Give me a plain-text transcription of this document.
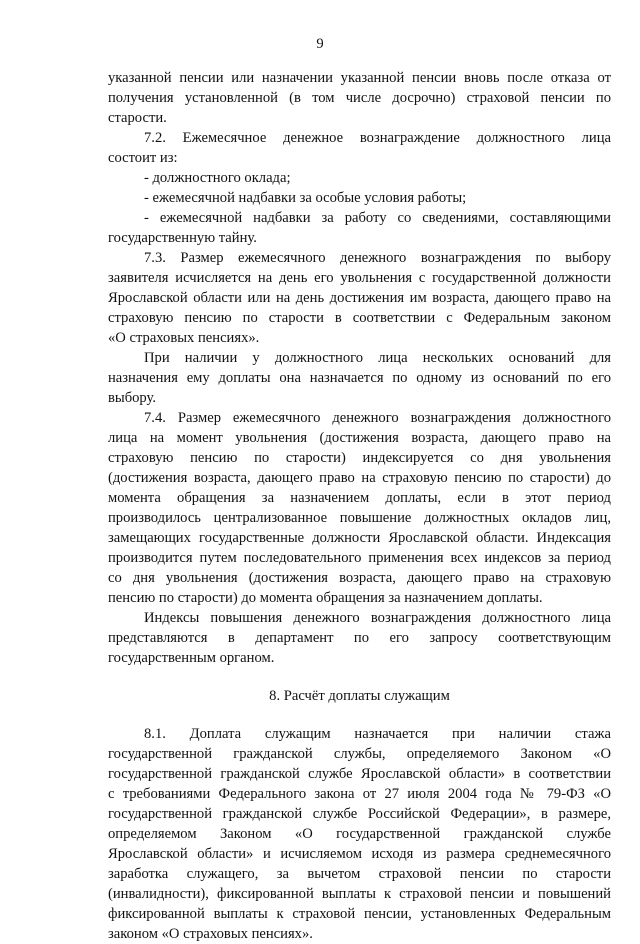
9
указанной пенсии или назначении указанной пенсии вновь после отказа от
получения установленной (в том числе досрочно) страховой пенсии по
старости.
7.2. Ежемесячное денежное вознаграждение должностного лица
состоит из:
- должностного оклада;
- ежемесячной надбавки за особые условия работы;
- ежемесячной надбавки за работу со сведениями, составляющими
государственную тайну.
7.3. Размер ежемесячного денежного вознаграждения по выбору
заявителя исчисляется на день его увольнения с государственной должности
Ярославской области или на день достижения им возраста, дающего право на
страховую пенсию по старости в соответствии с Федеральным законом
«О страховых пенсиях».
При наличии у должностного лица нескольких оснований для
назначения ему доплаты она назначается по одному из оснований по его
выбору.
7.4. Размер ежемесячного денежного вознаграждения должностного
лица на момент увольнения (достижения возраста, дающего право на
страховую пенсию по старости) индексируется со дня увольнения
(достижения возраста, дающего право на страховую пенсию по старости) до
момента обращения за назначением доплаты, если в этот период
производилось централизованное повышение должностных окладов лиц,
замещающих государственные должности Ярославской области. Индексация
производится путем последовательного применения всех индексов за период
со дня увольнения (достижения возраста, дающего право на страховую
пенсию по старости) до момента обращения за назначением доплаты.
Индексы повышения денежного вознаграждения должностного лица
представляются в департамент по его запросу соответствующим
государственным органом.
8. Расчёт доплаты служащим
8.1. Доплата служащим назначается при наличии стажа
государственной гражданской службы, определяемого Законом «О
государственной гражданской службе Ярославской области» в соответствии
с требованиями Федерального закона от 27 июля 2004 года № 79-ФЗ «О
государственной гражданской службе Российской Федерации», в размере,
определяемом Законом «О государственной гражданской службе
Ярославской области» и исчисляемом исходя из размера среднемесячного
заработка служащего, за вычетом страховой пенсии по старости
(инвалидности), фиксированной выплаты к страховой пенсии и повышений
фиксированной выплаты к страховой пенсии, установленных Федеральным
законом «О страховых пенсиях».
